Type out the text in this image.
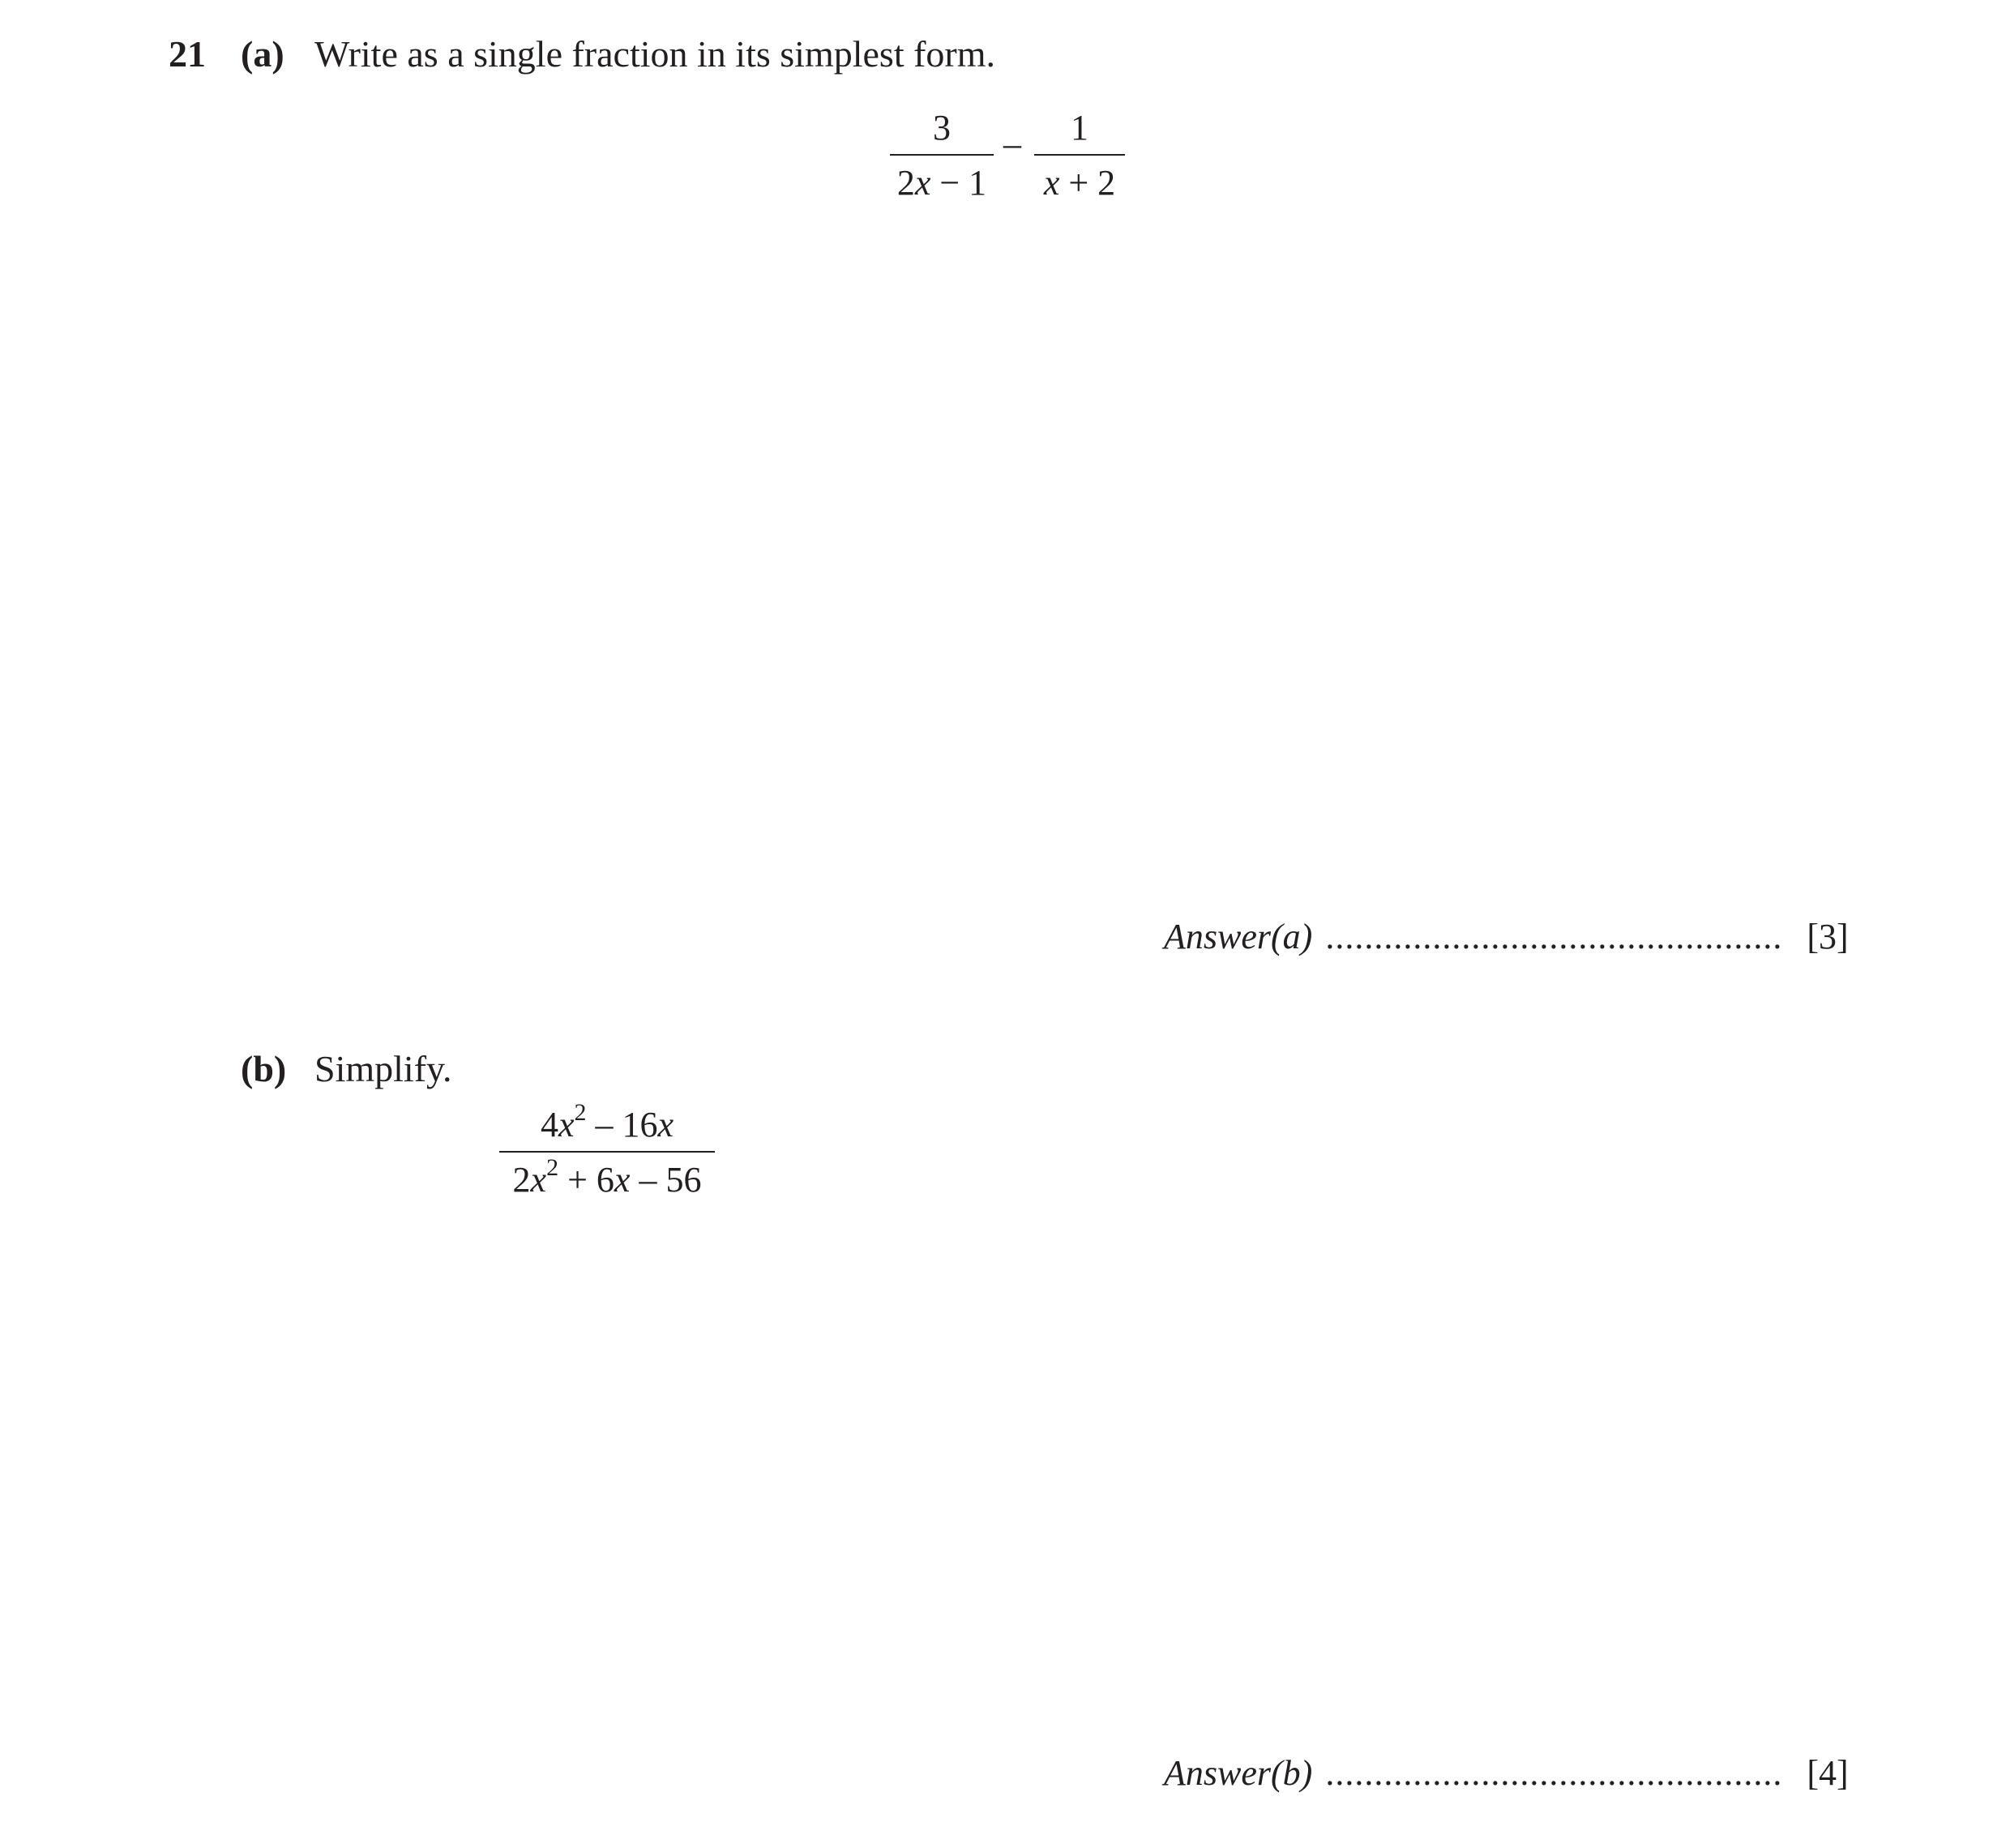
21 (a) Write as a single fraction in its simplest form.
3
2x − 1
– 1
x + 2
Answer(a) ............................................... [3]
(b) Simplify.
$4x^2 - 16x$
$2x^2 + 6x - 56$
Answer(b) ............................................... [4]
